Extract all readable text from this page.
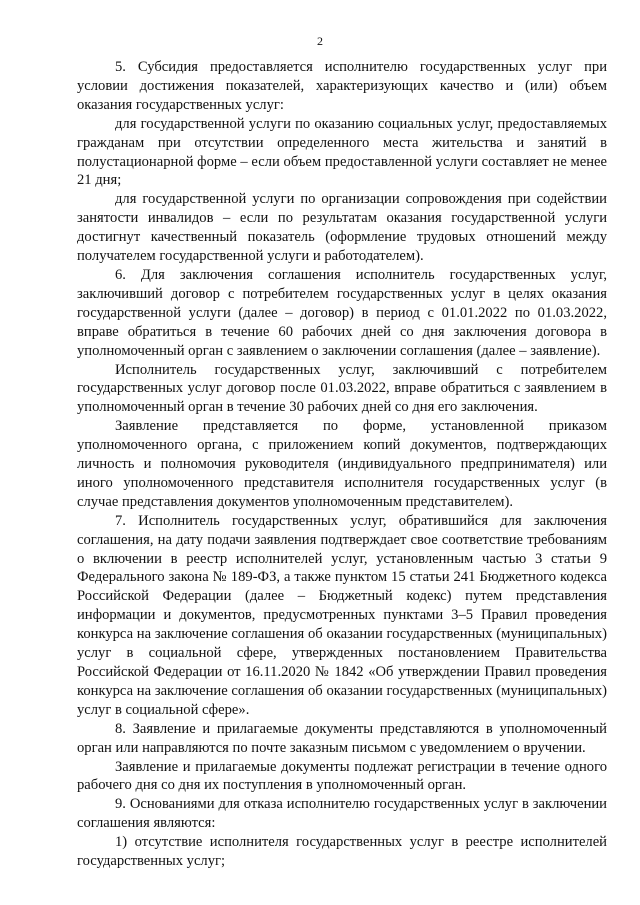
2

5. Субсидия предоставляется исполнителю государственных услуг при условии достижения показателей, характеризующих качество и (или) объем оказания государственных услуг:

для государственной услуги по оказанию социальных услуг, предоставляемых гражданам при отсутствии определенного места жительства и занятий в полустационарной форме – если объем предоставленной услуги составляет не менее 21 дня;

для государственной услуги по организации сопровождения при содействии занятости инвалидов – если по результатам оказания государственной услуги достигнут качественный показатель (оформление трудовых отношений между получателем государственной услуги и работодателем).

6. Для заключения соглашения исполнитель государственных услуг, заключивший договор с потребителем государственных услуг в целях оказания государственной услуги (далее – договор) в период с 01.01.2022 по 01.03.2022, вправе обратиться в течение 60 рабочих дней со дня заключения договора в уполномоченный орган с заявлением о заключении соглашения (далее – заявление).

Исполнитель государственных услуг, заключивший с потребителем государственных услуг договор после 01.03.2022, вправе обратиться с заявлением в уполномоченный орган в течение 30 рабочих дней со дня его заключения.

Заявление представляется по форме, установленной приказом уполномоченного органа, с приложением копий документов, подтверждающих личность и полномочия руководителя (индивидуального предпринимателя) или иного уполномоченного представителя исполнителя государственных услуг (в случае представления документов уполномоченным представителем).

7. Исполнитель государственных услуг, обратившийся для заключения соглашения, на дату подачи заявления подтверждает свое соответствие требованиям о включении в реестр исполнителей услуг, установленным частью 3 статьи 9 Федерального закона № 189-ФЗ, а также пунктом 15 статьи 241 Бюджетного кодекса Российской Федерации (далее – Бюджетный кодекс) путем представления информации и документов, предусмотренных пунктами 3–5 Правил проведения конкурса на заключение соглашения об оказании государственных (муниципальных) услуг в социальной сфере, утвержденных постановлением Правительства Российской Федерации от 16.11.2020 № 1842 «Об утверждении Правил проведения конкурса на заключение соглашения об оказании государственных (муниципальных) услуг в социальной сфере».

8. Заявление и прилагаемые документы представляются в уполномоченный орган или направляются по почте заказным письмом с уведомлением о вручении.

Заявление и прилагаемые документы подлежат регистрации в течение одного рабочего дня со дня их поступления в уполномоченный орган.

9. Основаниями для отказа исполнителю государственных услуг в заключении соглашения являются:

1) отсутствие исполнителя государственных услуг в реестре исполнителей государственных услуг;
